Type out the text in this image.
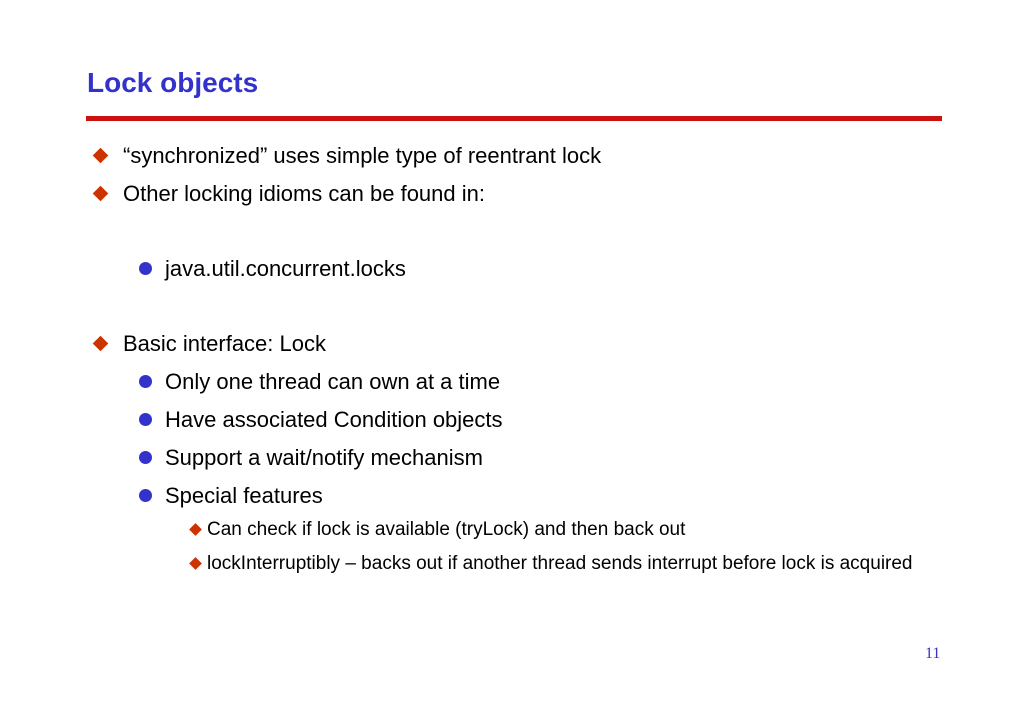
Lock objects
“synchronized” uses simple type of reentrant lock
Other locking idioms can be found in:
java.util.concurrent.locks
Basic interface: Lock
Only one thread can own at a time
Have associated Condition objects
Support a wait/notify mechanism
Special features
Can check if lock is available (tryLock) and then back out
lockInterruptibly – backs out if another thread sends interrupt before lock is acquired
11
